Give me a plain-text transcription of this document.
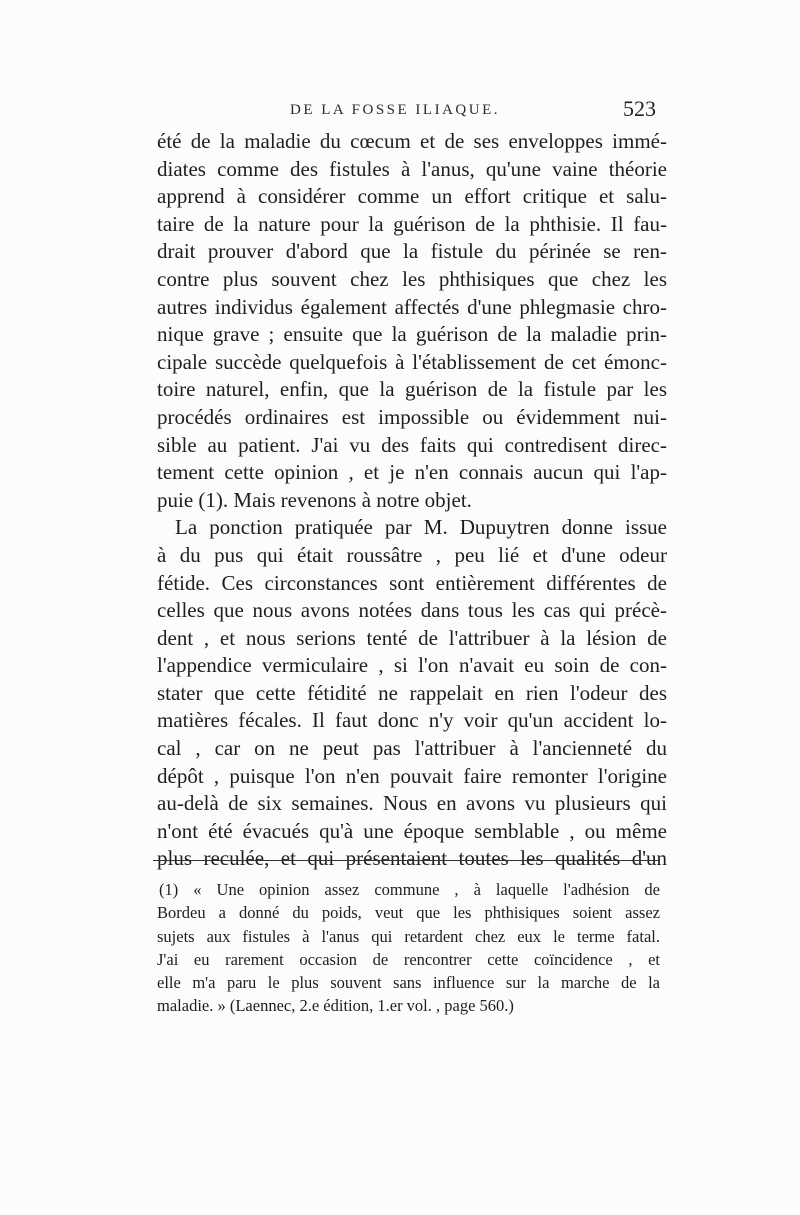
DE LA FOSSE ILIAQUE.	523
été de la maladie du cœcum et de ses enveloppes immé-
diates comme des fistules à l'anus, qu'une vaine théorie
apprend à considérer comme un effort critique et salu-
taire de la nature pour la guérison de la phthisie. Il fau-
drait prouver d'abord que la fistule du périnée se ren-
contre plus souvent chez les phthisiques que chez les
autres individus également affectés d'une phlegmasie chro-
nique grave ; ensuite que la guérison de la maladie prin-
cipale succède quelquefois à l'établissement de cet émonc-
toire naturel, enfin, que la guérison de la fistule par les
procédés ordinaires est impossible ou évidemment nui-
sible au patient. J'ai vu des faits qui contredisent direc-
tement cette opinion , et je n'en connais aucun qui l'ap-
puie (1). Mais revenons à notre objet.
La ponction pratiquée par M. Dupuytren donne issue
à du pus qui était roussâtre , peu lié et d'une odeur
fétide. Ces circonstances sont entièrement différentes de
celles que nous avons notées dans tous les cas qui précè-
dent , et nous serions tenté de l'attribuer à la lésion de
l'appendice vermiculaire , si l'on n'avait eu soin de con-
stater que cette fétidité ne rappelait en rien l'odeur des
matières fécales. Il faut donc n'y voir qu'un accident lo-
cal , car on ne peut pas l'attribuer à l'ancienneté du
dépôt , puisque l'on n'en pouvait faire remonter l'origine
au-delà de six semaines. Nous en avons vu plusieurs qui
n'ont été évacués qu'à une époque semblable , ou même
plus reculée, et qui présentaient toutes les qualités d'un
(1) « Une opinion assez commune , à laquelle l'adhésion de
Bordeu a donné du poids, veut que les phthisiques soient assez
sujets aux fistules à l'anus qui retardent chez eux le terme fatal.
J'ai eu rarement occasion de rencontrer cette coïncidence , et
elle m'a paru le plus souvent sans influence sur la marche de la
maladie. » (Laennec, 2.e édition, 1.er vol. , page 560.)
